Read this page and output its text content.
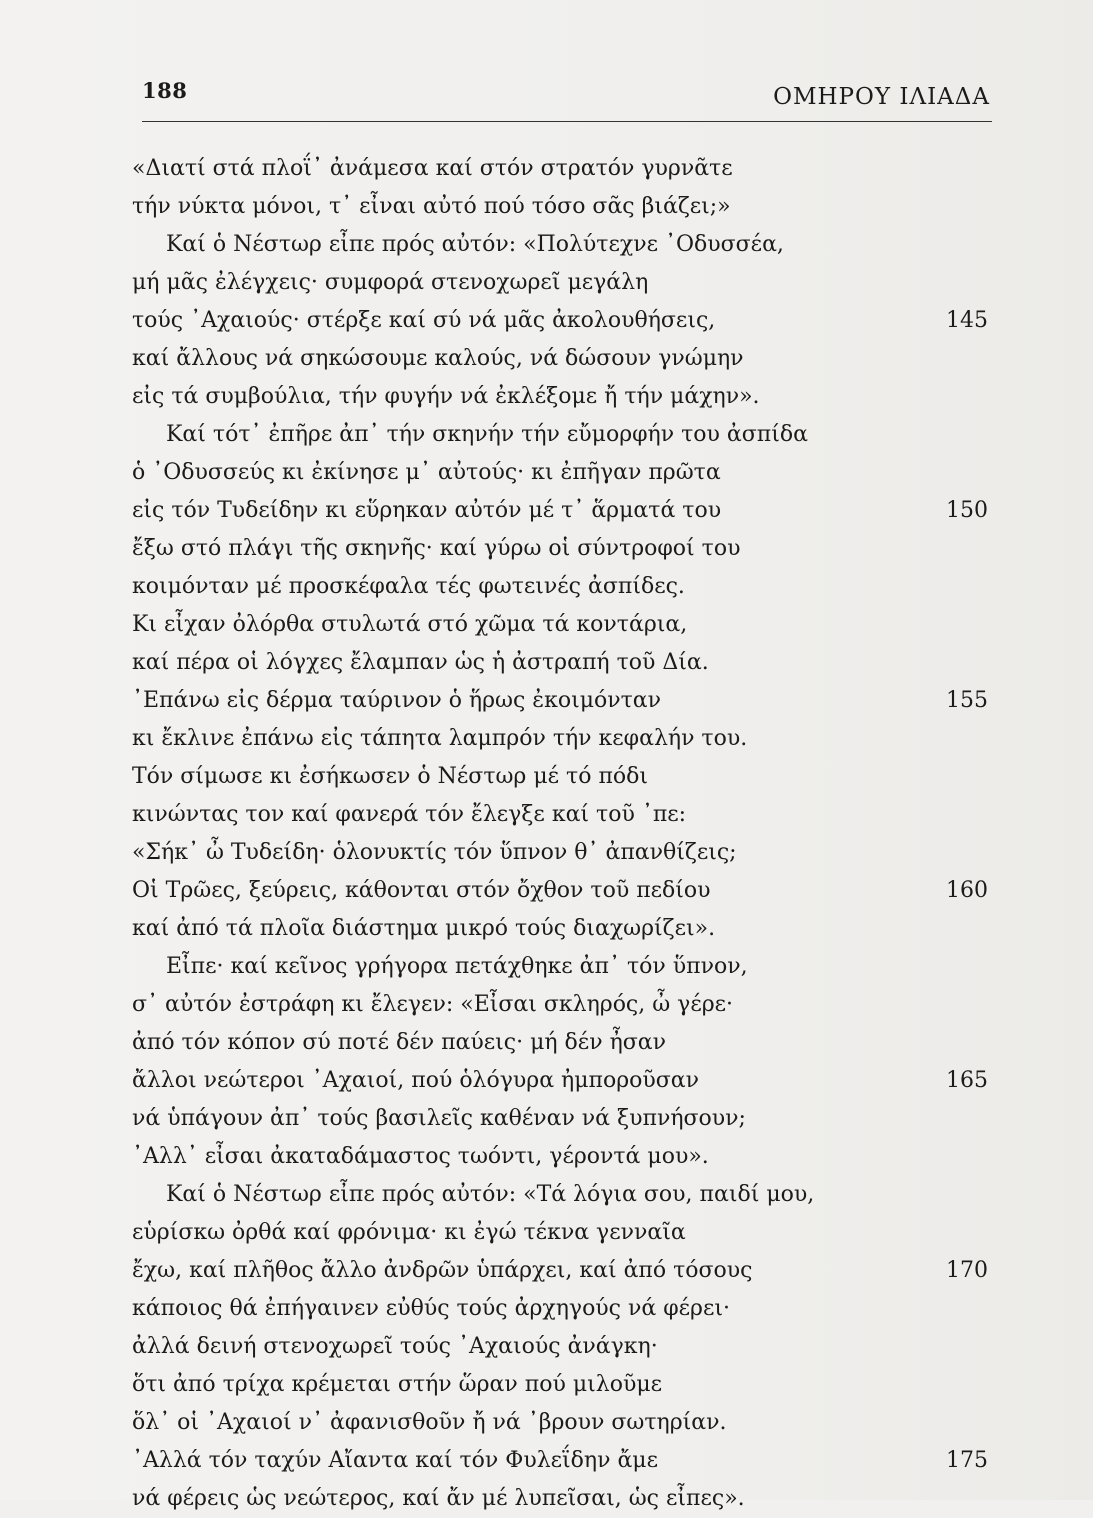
188	ΟΜΗΡΟΥ ΙΛΙΑΔΑ
«Διατί στά πλοΐ᾽ ἀνάμεσα καί στόν στρατόν γυρνᾶτε
τήν νύκτα μόνοι, τ᾽ εἶναι αὐτό πού τόσο σᾶς βιάζει;»
Καί ὁ Νέστωρ εἶπε πρός αὐτόν: «Πολύτεχνε ᾽Οδυσσέα,
μή μᾶς ἐλέγχεις· συμφορά στενοχωρεῖ μεγάλη
τούς ᾽Αχαιούς· στέρξε καί σύ νά μᾶς ἀκολουθήσεις,	145
καί ἄλλους νά σηκώσουμε καλούς, νά δώσουν γνώμην
εἰς τά συμβούλια, τήν φυγήν νά ἐκλέξομε ἤ τήν μάχην».
Καί τότ᾽ ἐπῆρε ἀπ᾽ τήν σκηνήν τήν εὔμορφήν του ἀσπίδα
ὁ ᾽Οδυσσεύς κι ἐκίνησε μ᾽ αὐτούς· κι ἐπῆγαν πρῶτα
εἰς τόν Τυδείδην κι εὕρηκαν αὐτόν μέ τ᾽ ἅρματά του	150
ἔξω στό πλάγι τῆς σκηνῆς· καί γύρω οἱ σύντροφοί του
κοιμόνταν μέ προσκέφαλα τές φωτεινές ἀσπίδες.
Κι εἶχαν ὀλόρθα στυλωτά στό χῶμα τά κοντάρια,
καί πέρα οἱ λόγχες ἔλαμπαν ὡς ἡ ἀστραπή τοῦ Δία.
᾽Επάνω εἰς δέρμα ταύρινον ὁ ἥρως ἐκοιμόνταν	155
κι ἔκλινε ἐπάνω εἰς τάπητα λαμπρόν τήν κεφαλήν του.
Τόν σίμωσε κι ἐσήκωσεν ὁ Νέστωρ μέ τό πόδι
κινώντας τον καί φανερά τόν ἔλεγξε καί τοῦ ᾽πε:
«Σήκ᾽ ὦ Τυδείδη· ὁλονυκτίς τόν ὕπνον θ᾽ ἀπανθίζεις;
Οἱ Τρῶες, ξεύρεις, κάθονται στόν ὄχθον τοῦ πεδίου	160
καί ἀπό τά πλοῖα διάστημα μικρό τούς διαχωρίζει».
Εἶπε· καί κεῖνος γρήγορα πετάχθηκε ἀπ᾽ τόν ὕπνον,
σ᾽ αὐτόν ἐστράφη κι ἔλεγεν: «Εἶσαι σκληρός, ὦ γέρε·
ἀπό τόν κόπον σύ ποτέ δέν παύεις· μή δέν ἦσαν
ἄλλοι νεώτεροι ᾽Αχαιοί, πού ὁλόγυρα ἠμποροῦσαν	165
νά ὑπάγουν ἀπ᾽ τούς βασιλεῖς καθέναν νά ξυπνήσουν;
᾽Αλλ᾽ εἶσαι ἀκαταδάμαστος τωόντι, γέροντά μου».
Καί ὁ Νέστωρ εἶπε πρός αὐτόν: «Τά λόγια σου, παιδί μου,
εὑρίσκω ὀρθά καί φρόνιμα· κι ἐγώ τέκνα γενναῖα
ἔχω, καί πλῆθος ἄλλο ἀνδρῶν ὑπάρχει, καί ἀπό τόσους	170
κάποιος θά ἐπήγαινεν εὐθύς τούς ἀρχηγούς νά φέρει·
ἀλλά δεινή στενοχωρεῖ τούς ᾽Αχαιούς ἀνάγκη·
ὅτι ἀπό τρίχα κρέμεται στήν ὥραν πού μιλοῦμε
ὅλ᾽ οἱ ᾽Αχαιοί ν᾽ ἀφανισθοῦν ἤ νά ᾽βρουν σωτηρίαν.
᾽Αλλά τόν ταχύν Αἴαντα καί τόν Φυλεΐδην ἄμε	175
νά φέρεις ὡς νεώτερος, καί ἄν μέ λυπεῖσαι, ὡς εἶπες».
